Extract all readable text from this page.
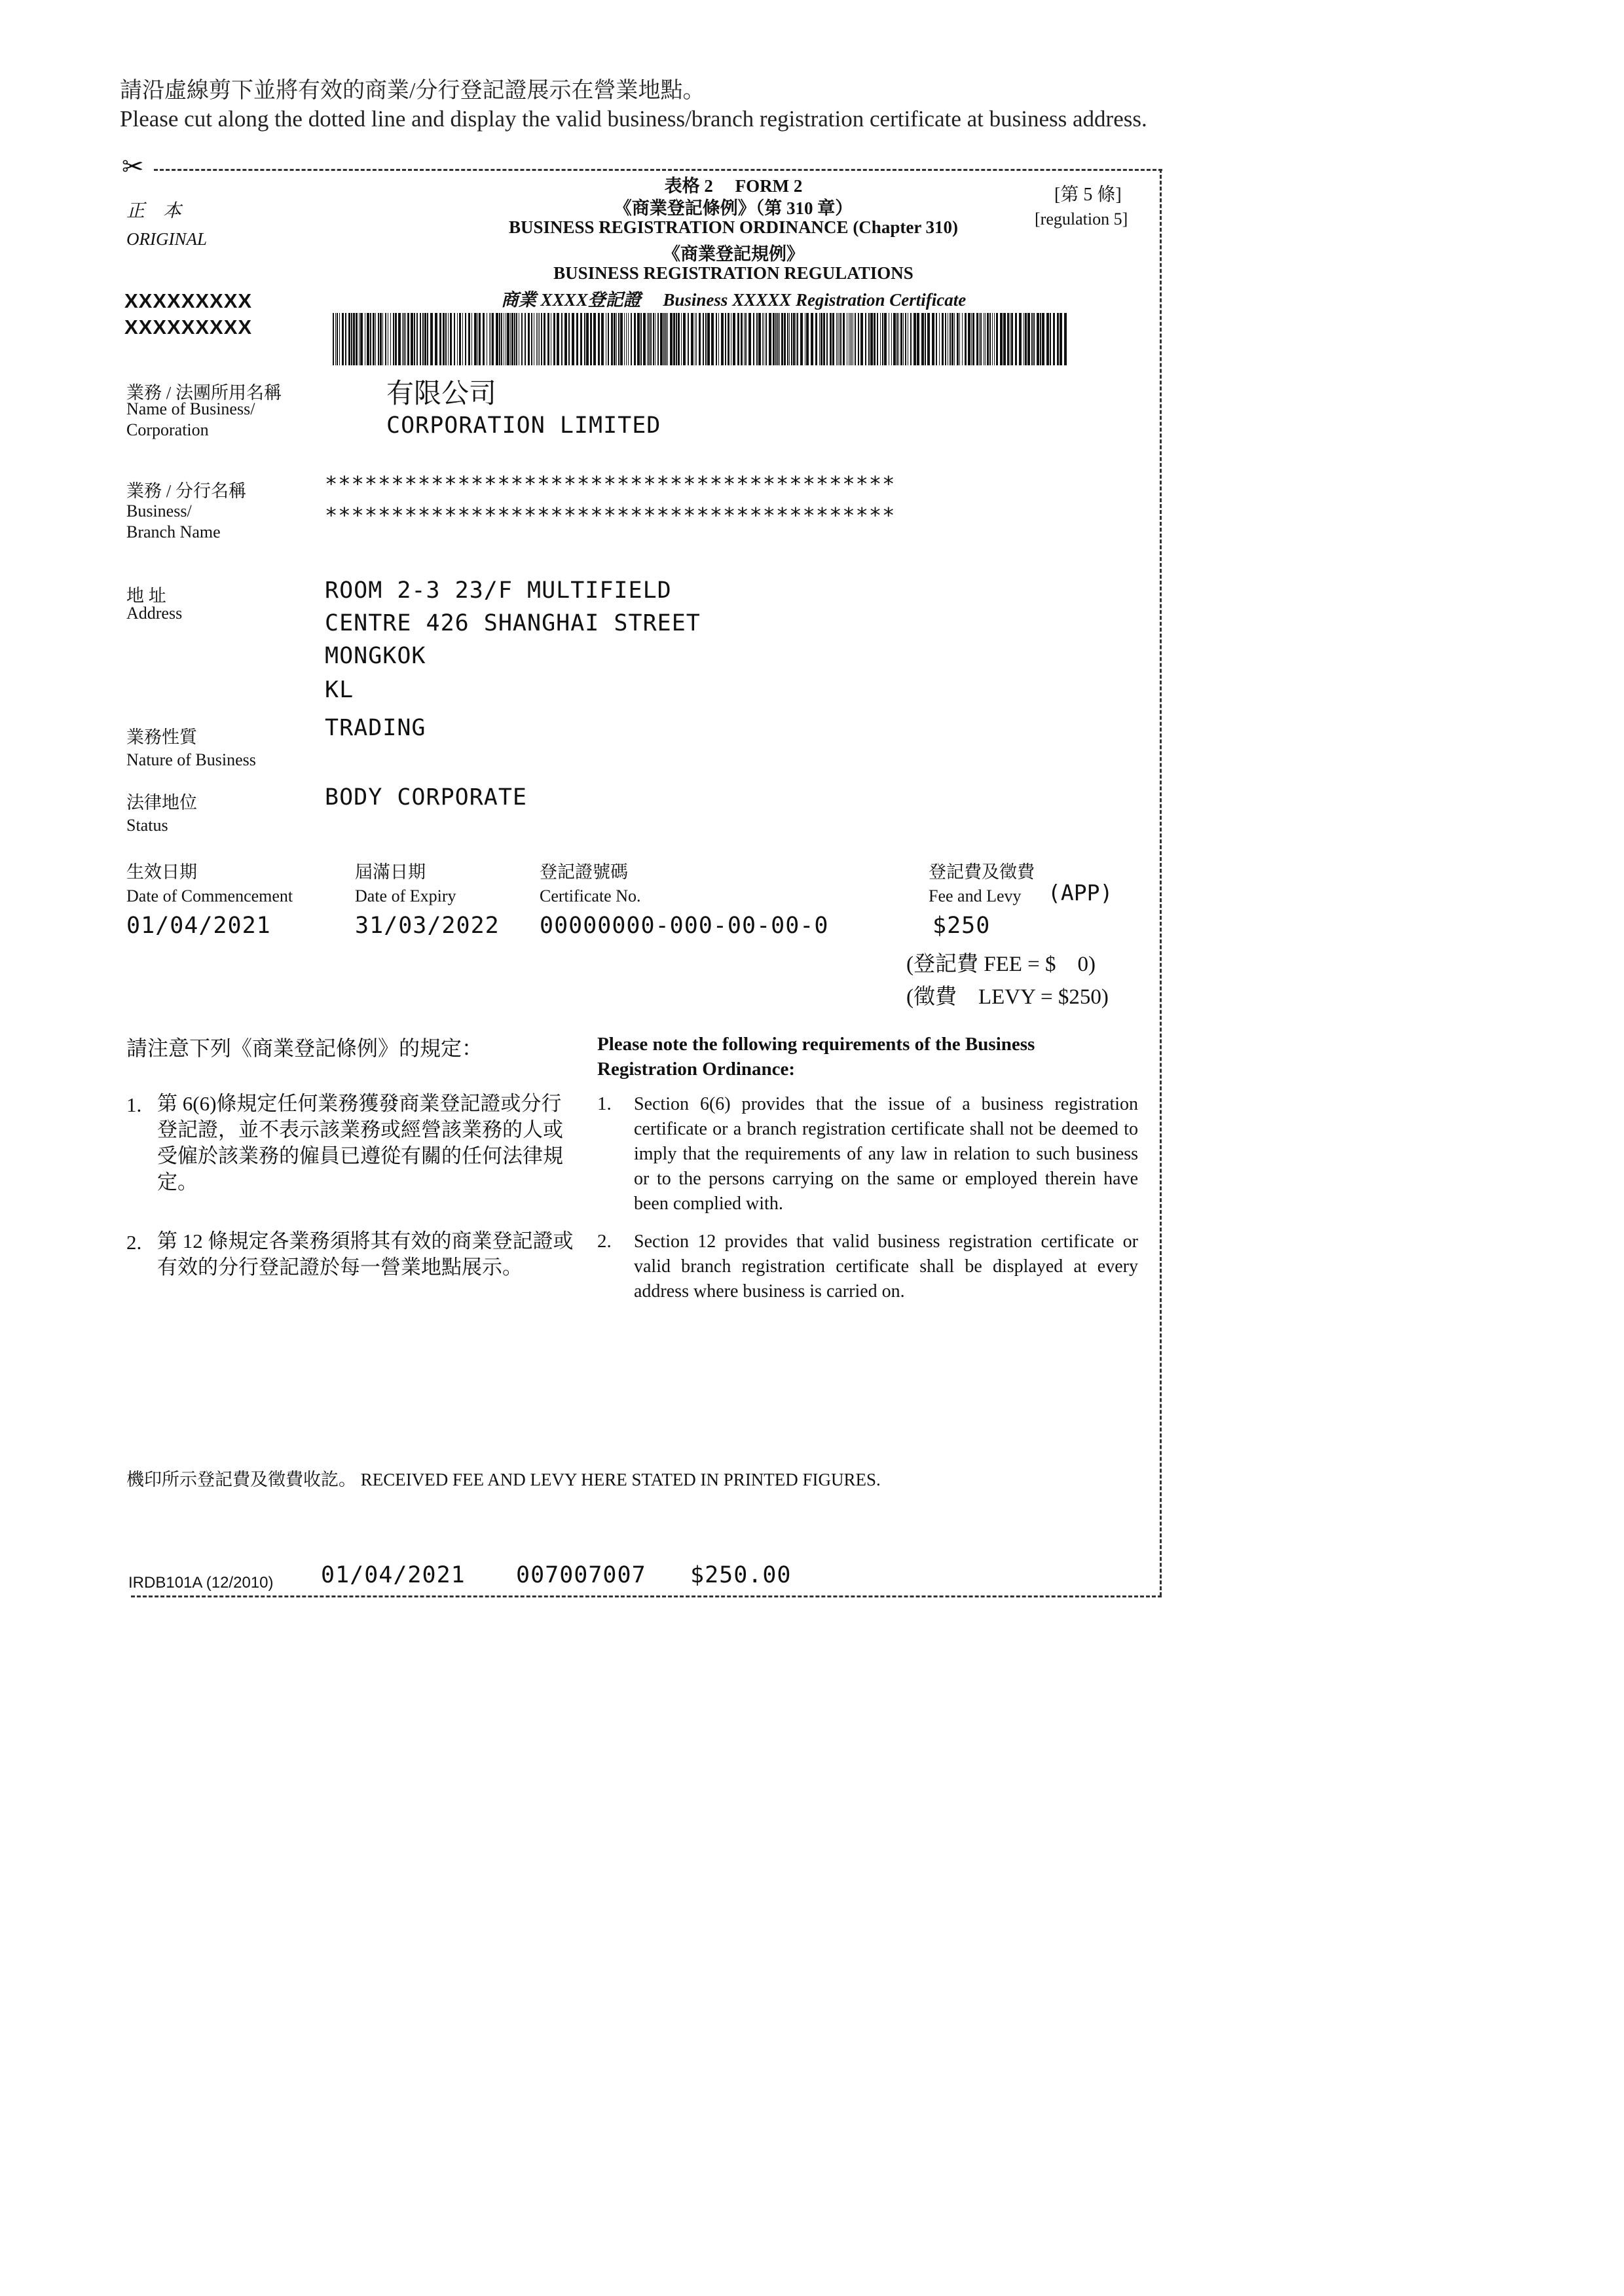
請沿虛線剪下並將有效的商業/分行登記證展示在營業地點。
Please cut along the dotted line and display the valid business/branch registration certificate at business address.
✂
正　本
ORIGINAL
表格 2　 FORM 2
《商業登記條例》（第 310 章）
BUSINESS REGISTRATION ORDINANCE (Chapter 310)
《商業登記規例》
BUSINESS REGISTRATION REGULATIONS
商業 XXXX登記證　 Business XXXXX Registration Certificate
[第 5 條]
[regulation 5]
XXXXXXXXX
XXXXXXXXX
業務 / 法團所用名稱
Name of Business/
Corporation
有限公司
CORPORATION LIMITED
業務 / 分行名稱
Business/
Branch Name
*******************************************
*******************************************
地 址
Address
ROOM 2-3 23/F MULTIFIELD
CENTRE 426 SHANGHAI STREET
MONGKOK
KL
業務性質
Nature of Business
TRADING
法律地位
Status
BODY CORPORATE
生效日期
Date of Commencement
01/04/2021
屆滿日期
Date of Expiry
31/03/2022
登記證號碼
Certificate No.
00000000-000-00-00-0
登記費及徵費
Fee and Levy (APP)
$250
(登記費 FEE = $　0)
(徵費　LEVY = $250)
請注意下列《商業登記條例》的規定：	Please note the following requirements of the Business Registration Ordinance:
1. 第 6(6)條規定任何業務獲發商業登記證或分行登記證，並不表示該業務或經營該業務的人或受僱於該業務的僱員已遵從有關的任何法律規定。
1. Section 6(6) provides that the issue of a business registration certificate or a branch registration certificate shall not be deemed to imply that the requirements of any law in relation to such business or to the persons carrying on the same or employed therein have been complied with.
2. 第 12 條規定各業務須將其有效的商業登記證或有效的分行登記證於每一營業地點展示。
2. Section 12 provides that valid business registration certificate or valid branch registration certificate shall be displayed at every address where business is carried on.
機印所示登記費及徵費收訖。 RECEIVED FEE AND LEVY HERE STATED IN PRINTED FIGURES.
IRDB101A (12/2010) 01/04/2021 007007007 $250.00
